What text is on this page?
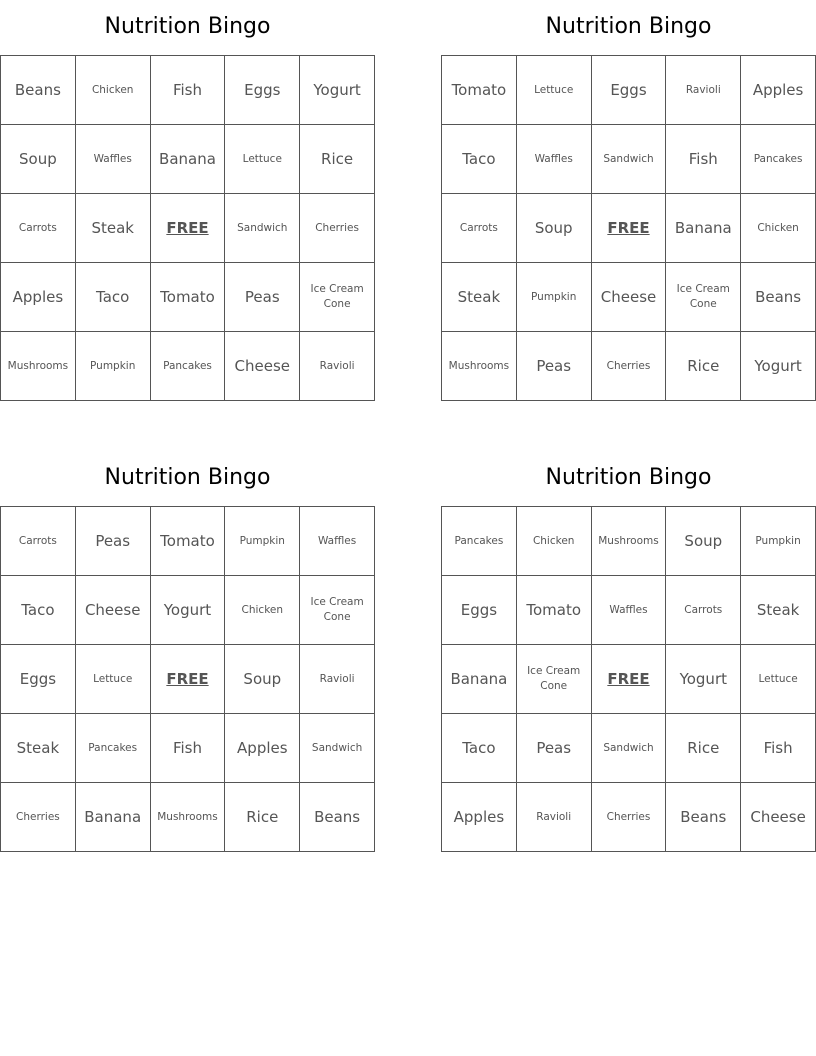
Nutrition Bingo
Beans	Chicken	Fish	Eggs	Yogurt
Soup	Waffles	Banana	Lettuce	Rice
Carrots	Steak	FREE	Sandwich	Cherries
Apples	Taco	Tomato	Peas	Ice Cream Cone
Mushrooms	Pumpkin	Pancakes	Cheese	Ravioli
Nutrition Bingo
Tomato	Lettuce	Eggs	Ravioli	Apples
Taco	Waffles	Sandwich	Fish	Pancakes
Carrots	Soup	FREE	Banana	Chicken
Steak	Pumpkin	Cheese	Ice Cream Cone	Beans
Mushrooms	Peas	Cherries	Rice	Yogurt
Nutrition Bingo
Carrots	Peas	Tomato	Pumpkin	Waffles
Taco	Cheese	Yogurt	Chicken	Ice Cream Cone
Eggs	Lettuce	FREE	Soup	Ravioli
Steak	Pancakes	Fish	Apples	Sandwich
Cherries	Banana	Mushrooms	Rice	Beans
Nutrition Bingo
Pancakes	Chicken	Mushrooms	Soup	Pumpkin
Eggs	Tomato	Waffles	Carrots	Steak
Banana	Ice Cream Cone	FREE	Yogurt	Lettuce
Taco	Peas	Sandwich	Rice	Fish
Apples	Ravioli	Cherries	Beans	Cheese
